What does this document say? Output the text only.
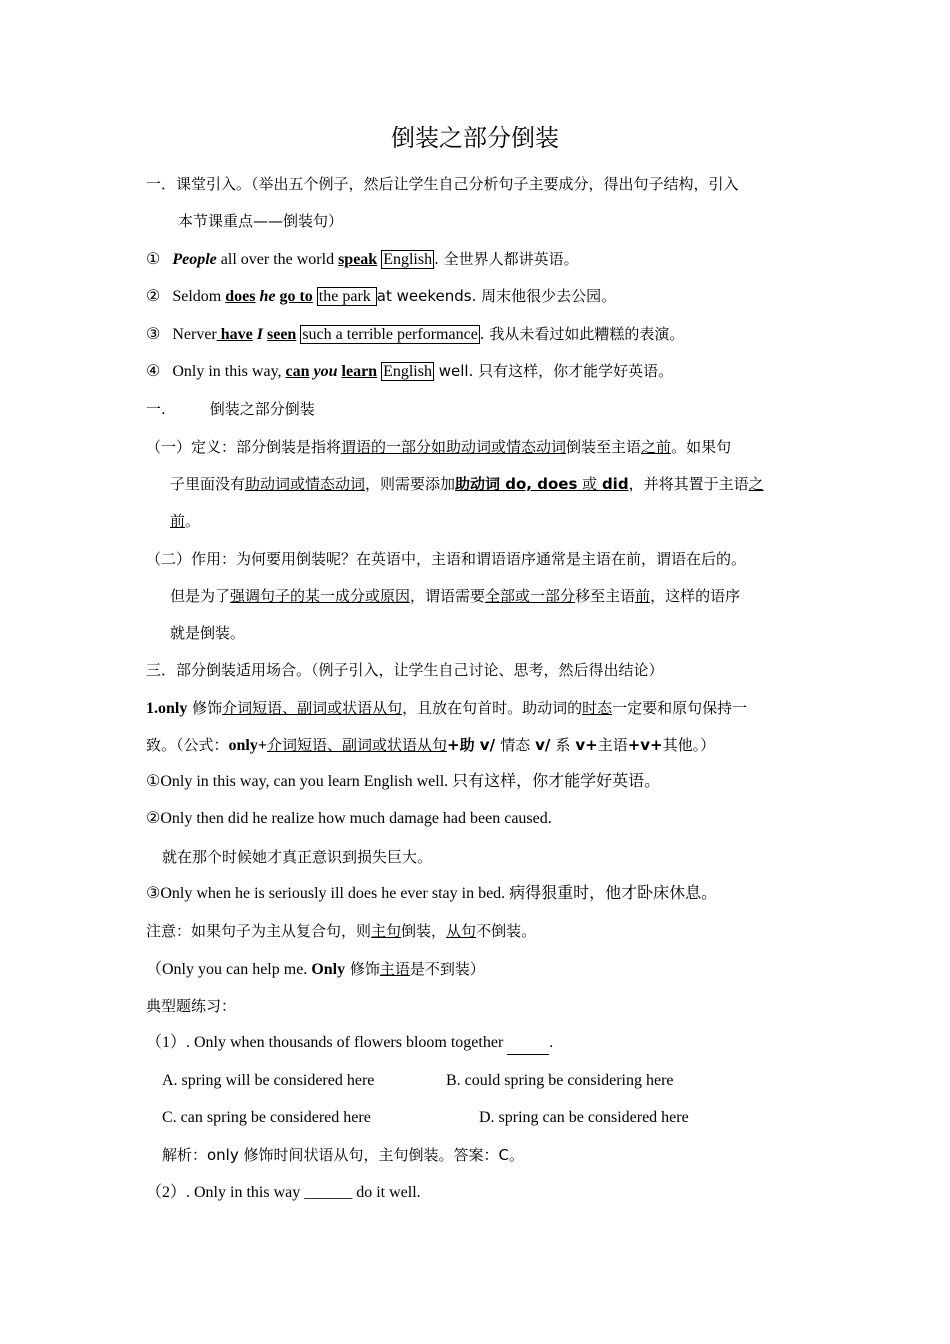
倒装之部分倒装
一．课堂引入。（举出五个例子，然后让学生自己分析句子主要成分，得出句子结构，引入
本节课重点——倒装句）
① People all over the world speak English . 全世界人都讲英语。
② Seldom does he go to the park at weekends. 周末他很少去公园。
③ Nerver have I seen such a terrible performance . 我从未看过如此糟糕的表演。
④ Only in this way, can you learn English well. 只有这样，你才能学好英语。
一.	倒装之部分倒装
（一）定义：部分倒装是指将谓语的一部分如助动词或情态动词倒装至主语之前。如果句
子里面没有助动词或情态动词，则需要添加助动词 do, does 或 did，并将其置于主语之
前。
（二）作用：为何要用倒装呢？在英语中，主语和谓语语序通常是主语在前，谓语在后的。
但是为了强调句子的某一成分或原因，谓语需要全部或一部分移至主语前，这样的语序
就是倒装。
三．部分倒装适用场合。（例子引入，让学生自己讨论、思考，然后得出结论）
1.only 修饰介词短语、副词或状语从句，且放在句首时。助动词的时态一定要和原句保持一
致。（公式：only+介词短语、副词或状语从句+助 v/ 情态 v/ 系 v+主语+v+其他。）
①Only in this way, can you learn English well. 只有这样，你才能学好英语。
②Only then did he realize how much damage had been caused.
就在那个时候她才真正意识到损失巨大。
③Only when he is seriously ill does he ever stay in bed. 病得狠重时，他才卧床休息。
注意：如果句子为主从复合句，则主句倒装，从句不倒装。
（Only you can help me. Only 修饰主语是不到装）
典型题练习：
（1）. Only when thousands of flowers bloom together	.
A. spring will be considered here	B. could spring be considering here
C. can spring be considered here	D. spring can be considered here
解析：only 修饰时间状语从句，主句倒装。答案：C。
（2）. Only in this way ______ do it well.
